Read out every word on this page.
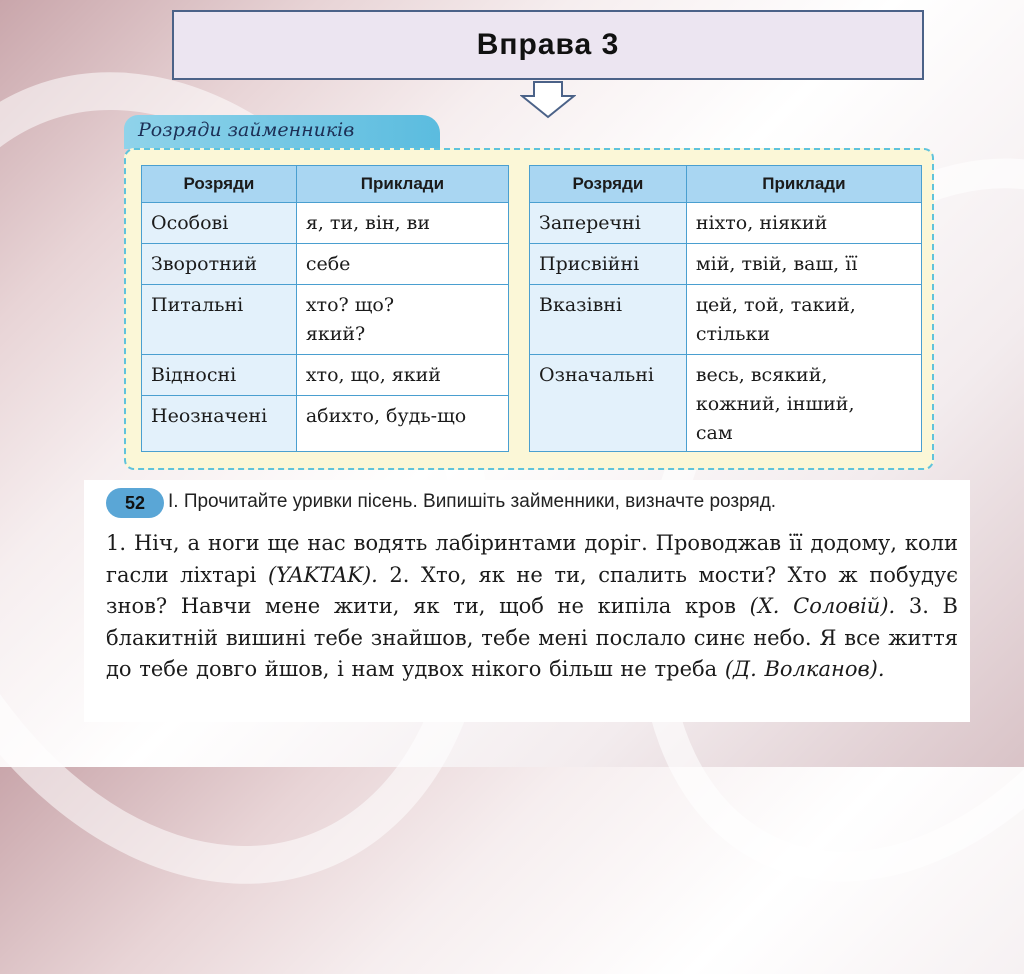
Вправа 3
Розряди займенників
Розряди	Приклади
Особові	я, ти, він, ви
Зворотний	себе
Питальні	хто? що?
який?

Відносні	хто, що, який
Неозначені	абихто, будь-що
Розряди	Приклади
Заперечні	ніхто, ніякий
Присвійні	мій, твій, ваш, її
Вказівні	цей, той, такий,
стільки

Означальні	весь, всякий,
кожний, інший,
сам
52	І. Прочитайте уривки пісень. Випишіть займенники, визначте розряд.
1. Ніч, а ноги ще нас водять лабіринтами доріг. Проводжав її додому, коли гасли ліхтарі (YAKTAK). 2. Хто, як не ти, спалить мости? Хто ж побудує знов? Навчи мене жити, як ти, щоб не кипіла кров (Х. Соловій). 3. В блакитній вишині тебе знайшов, тебе мені послало синє небо. Я все життя до тебе довго йшов, і нам удвох нікого більш не треба (Д. Волканов).
